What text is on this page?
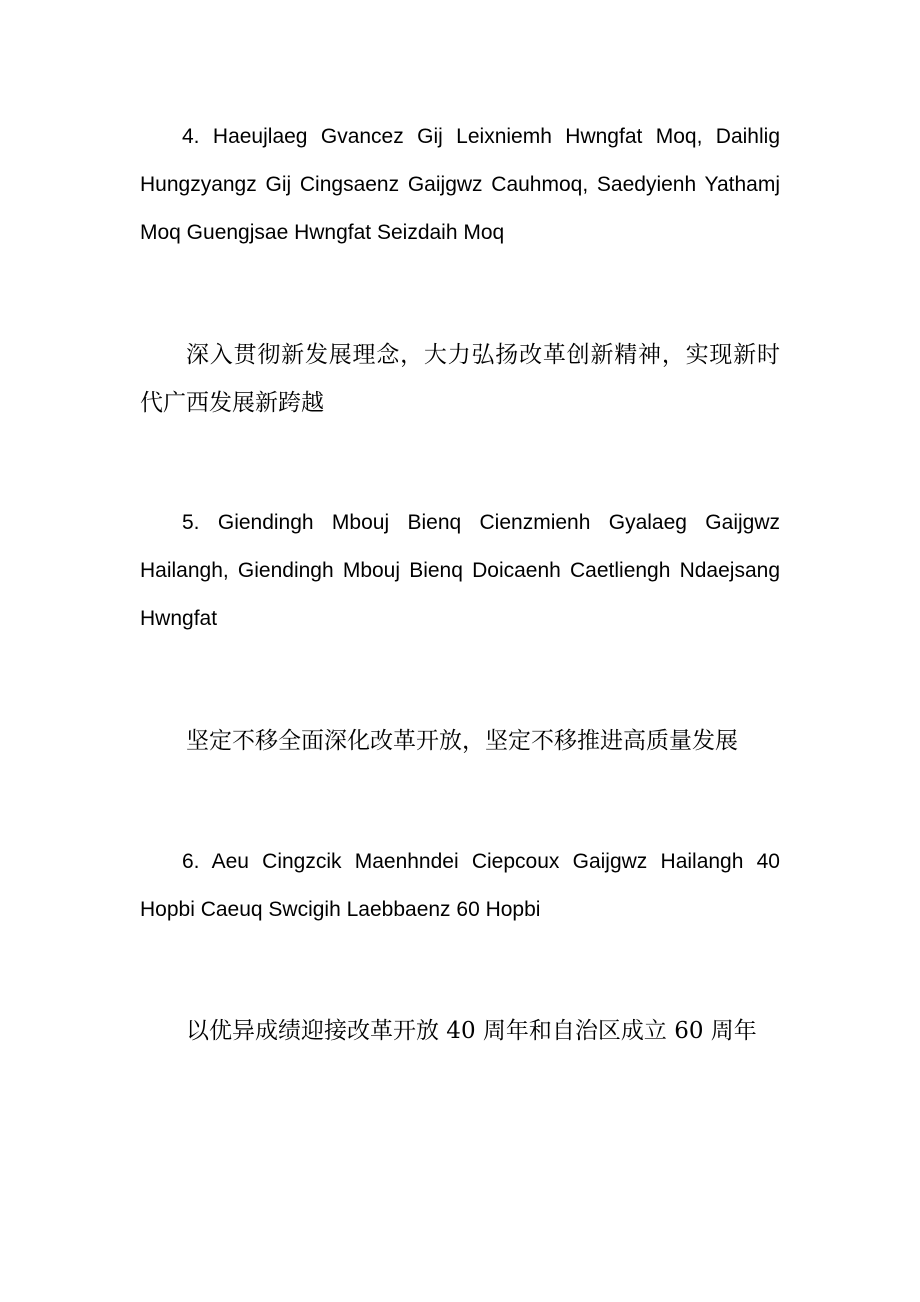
4. Haeujlaeg Gvancez Gij Leixniemh Hwngfat Moq, Daihlig Hungzyangz Gij Cingsaenz Gaijgwz Cauhmoq, Saedyienh Yathamj Moq Guengjsae Hwngfat Seizdaih Moq

深入贯彻新发展理念，大力弘扬改革创新精神，实现新时代广西发展新跨越

5. Giendingh Mbouj Bienq Cienzmienh Gyalaeg Gaijgwz Hailangh, Giendingh Mbouj Bienq Doicaenh Caetliengh Ndaejsang Hwngfat

坚定不移全面深化改革开放，坚定不移推进高质量发展

6. Aeu Cingzcik Maenhndei Ciepcoux Gaijgwz Hailangh 40 Hopbi Caeuq Swcigih Laebbaenz 60 Hopbi

以优异成绩迎接改革开放 40 周年和自治区成立 60 周年
